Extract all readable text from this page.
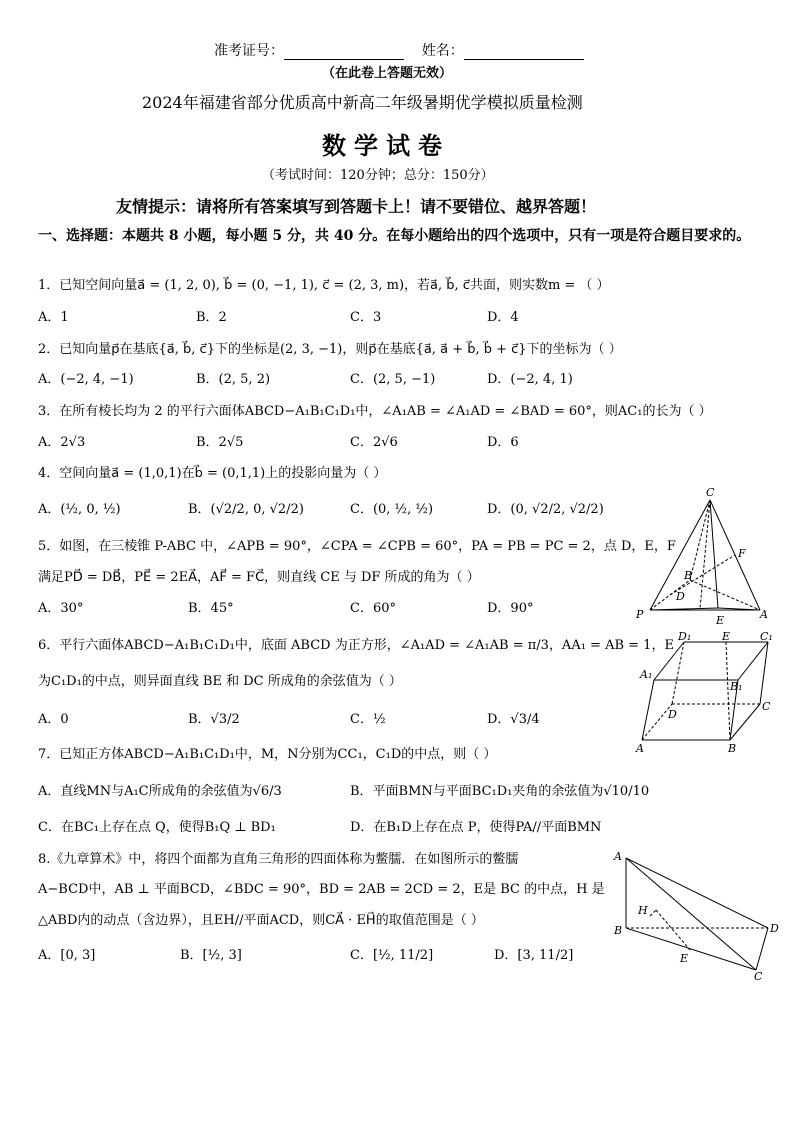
准考证号：	姓名：
（在此卷上答题无效）
2024年福建省部分优质高中新高二年级暑期优学模拟质量检测
数学试卷
（考试时间：120分钟；总分：150分）
友情提示：请将所有答案填写到答题卡上！请不要错位、越界答题！
一、选择题：本题共 8 小题，每小题 5 分，共 40 分。在每小题给出的四个选项中，只有一项是符合题目要求的。
1．已知空间向量a⃗ = (1, 2, 0), b⃗ = (0, −1, 1), c⃗ = (2, 3, m)，若a⃗, b⃗, c⃗共面，则实数m = （ ）
A．1	B．2	C．3	D．4
2．已知向量p⃗在基底{a⃗, b⃗, c⃗}下的坐标是(2, 3, −1)，则p⃗在基底{a⃗, a⃗ + b⃗, b⃗ + c⃗}下的坐标为（ ）
A．(−2, 4, −1)	B．(2, 5, 2)	C．(2, 5, −1)	D．(−2, 4, 1)
3．在所有棱长均为 2 的平行六面体ABCD−A₁B₁C₁D₁中，∠A₁AB = ∠A₁AD = ∠BAD = 60°，则AC₁的长为（ ）
A．2√3	B．2√5	C．2√6	D．6
4．空间向量a⃗ = (1,0,1)在b⃗ = (0,1,1)上的投影向量为（ ）
A．(½, 0, ½)	B．(√2/2, 0, √2/2)	C．(0, ½, ½)	D．(0, √2/2, √2/2)
5．如图，在三棱锥 P-ABC 中，∠APB = 90°，∠CPA = ∠CPB = 60°，PA = PB = PC = 2，点 D，E，F
满足PD⃗ = DB⃗，PE⃗ = 2EA⃗，AF⃗ = FC⃗，则直线 CE 与 DF 所成的角为（ ）
A．30°	B．45°	C．60°	D．90°
6．平行六面体ABCD−A₁B₁C₁D₁中，底面 ABCD 为正方形，∠A₁AD = ∠A₁AB = π/3，AA₁ = AB = 1，E
为C₁D₁的中点，则异面直线 BE 和 DC 所成角的余弦值为（ ）
A．0	B．√3/2	C．½	D．√3/4
7．已知正方体ABCD−A₁B₁C₁D₁中，M，N分别为CC₁，C₁D的中点，则（ ）
A．直线MN与A₁C所成角的余弦值为√6/3	B．平面BMN与平面BC₁D₁夹角的余弦值为√10/10
C．在BC₁上存在点 Q，使得B₁Q ⊥ BD₁	D．在B₁D上存在点 P，使得PA//平面BMN
8.《九章算术》中，将四个面都为直角三角形的四面体称为鳖臑．在如图所示的鳖臑
A−BCD中，AB ⊥ 平面BCD，∠BDC = 90°，BD = 2AB = 2CD = 2，E是 BC 的中点，H 是
△ABD内的动点（含边界），且EH//平面ACD，则CA⃗ · EH⃗的取值范围是（ ）
A．[0, 3]	B．[½, 3]	C．[½, 11/2]	D．[3, 11/2]
C
F
B
D
P	E	A
D₁	E	C₁
A₁
B₁
D
C
A	B
A
H
B	D
E
C
